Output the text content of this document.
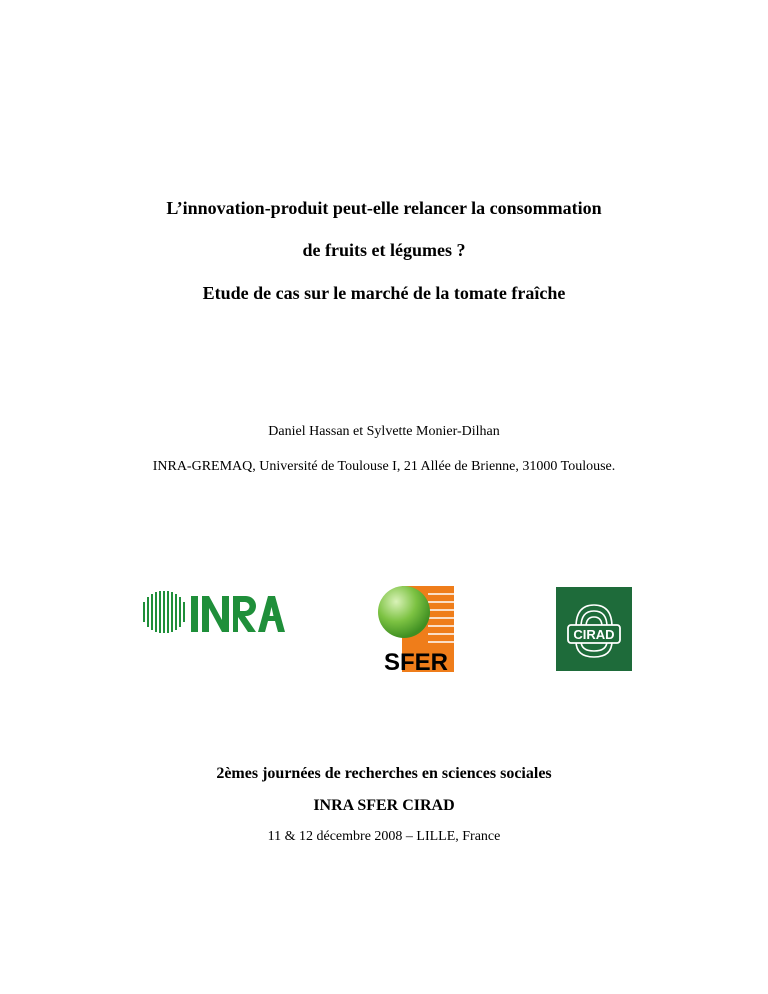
L’innovation-produit peut-elle relancer la consommation
de fruits et légumes ?
Etude de cas sur le marché de la tomate fraîche
Daniel Hassan et Sylvette Monier-Dilhan
INRA-GREMAQ, Université de Toulouse I, 21 Allée de Brienne, 31000 Toulouse.
SFER
CIRAD
2èmes journées de recherches en sciences sociales
INRA SFER CIRAD
11 & 12 décembre 2008 – LILLE, France
